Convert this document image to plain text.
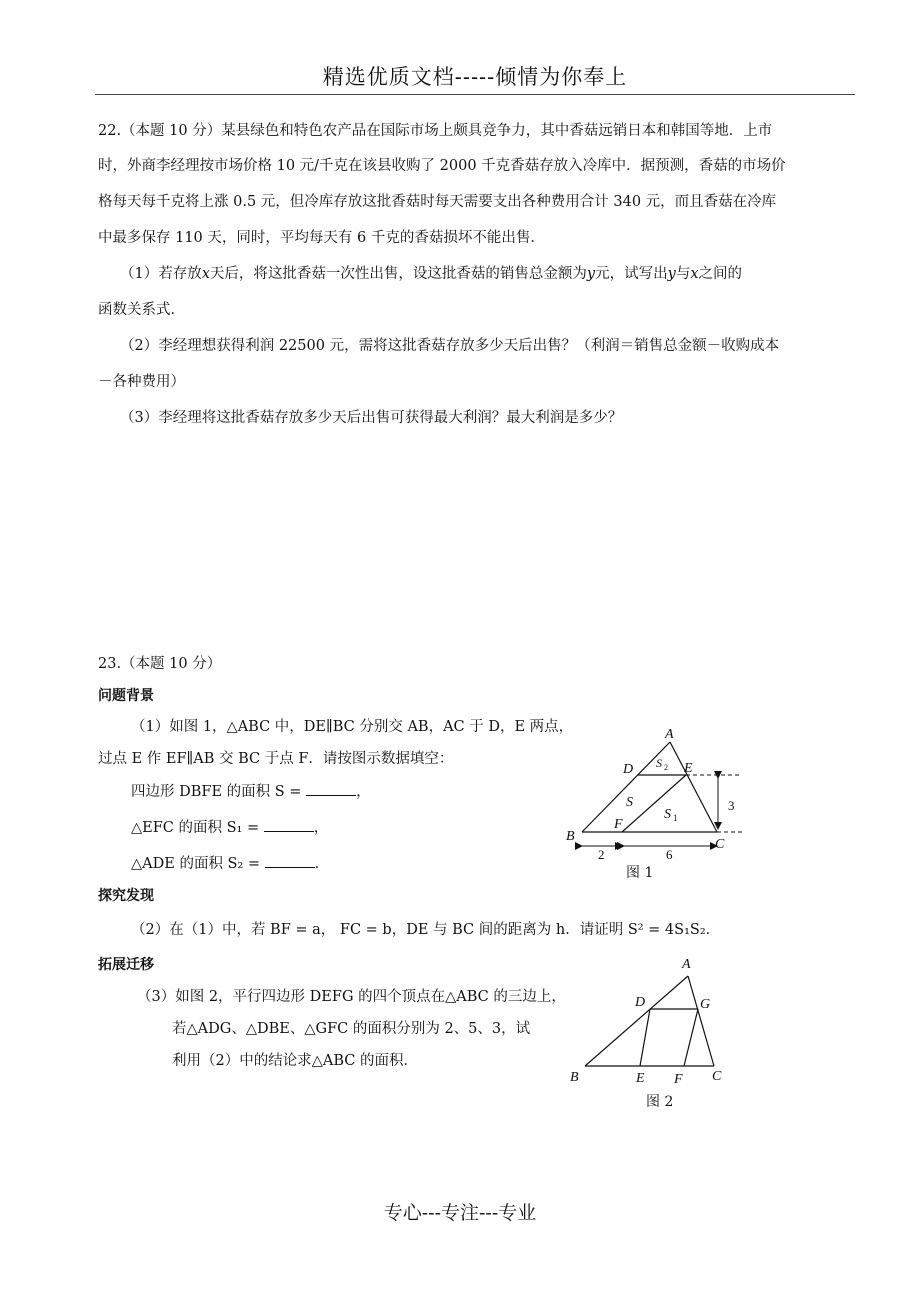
精选优质文档-----倾情为你奉上
22.（本题 10 分）某县绿色和特色农产品在国际市场上颇具竞争力，其中香菇远销日本和韩国等地．上市
时，外商李经理按市场价格 10 元/千克在该县收购了 2000 千克香菇存放入冷库中．据预测，香菇的市场价
格每天每千克将上涨 0.5 元，但冷库存放这批香菇时每天需要支出各种费用合计 340 元，而且香菇在冷库
中最多保存 110 天，同时，平均每天有 6 千克的香菇损坏不能出售．
（1）若存放x天后，将这批香菇一次性出售，设这批香菇的销售总金额为y元，试写出y与x之间的
函数关系式．
（2）李经理想获得利润 22500 元，需将这批香菇存放多少天后出售？（利润＝销售总金额－收购成本
－各种费用）
（3）李经理将这批香菇存放多少天后出售可获得最大利润？最大利润是多少？
23.（本题 10 分）
问题背景
（1）如图 1，△ABC 中，DE∥BC 分别交 AB，AC 于 D，E 两点，
过点 E 作 EF∥AB 交 BC 于点 F．请按图示数据填空：
四边形 DBFE 的面积 S =	，
△EFC 的面积 S₁ =	，
△ADE 的面积 S₂ =	．
探究发现
（2）在（1）中，若 BF = a， FC = b，DE 与 BC 间的距离为 h．请证明 S² = 4S₁S₂．
拓展迁移
（3）如图 2，平行四边形 DEFG 的四个顶点在△ABC 的三边上，
若△ADG、△DBE、△GFC 的面积分别为 2、5、3，试
利用（2）中的结论求△ABC 的面积．
A
D	E
B
F
C
S
S 1
S 2
3
2	6
图 1
A
D	G
B	E F C
图 2
专心---专注---专业
